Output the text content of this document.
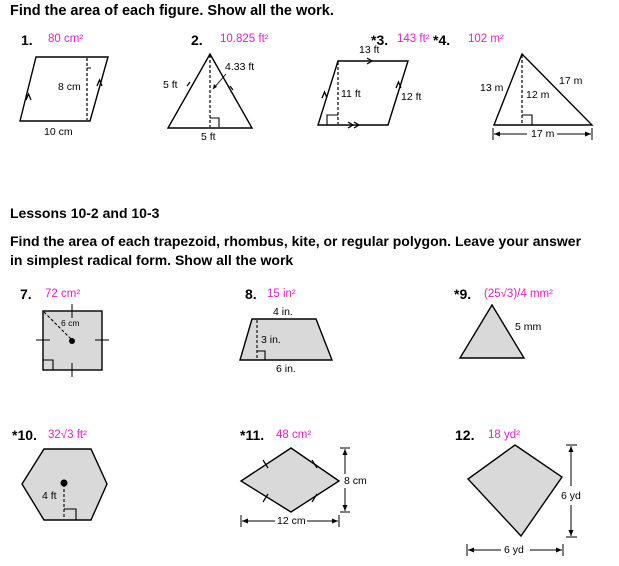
Find the area of each figure. Show all the work.
1. 80 cm²
8 cm
10 cm
2. 10.825 ft²
4.33 ft
5 ft
5 ft
*3. 143 ft²
13 ft
11 ft	12 ft
*4. 102 m²
13 m
12 m
17 m
17 m
Lessons 10-2 and 10-3
Find the area of each trapezoid, rhombus, kite, or regular polygon. Leave your answer
in simplest radical form. Show all the work
7. 72 cm²
6 cm
8. 15 in²
4 in.
3 in.
6 in.
*9. (25√3)/4 mm²
5 mm
*10. 32√3 ft²
4 ft
*11. 48 cm²
8 cm
12 cm
12. 18 yd²
6 yd
6 yd
